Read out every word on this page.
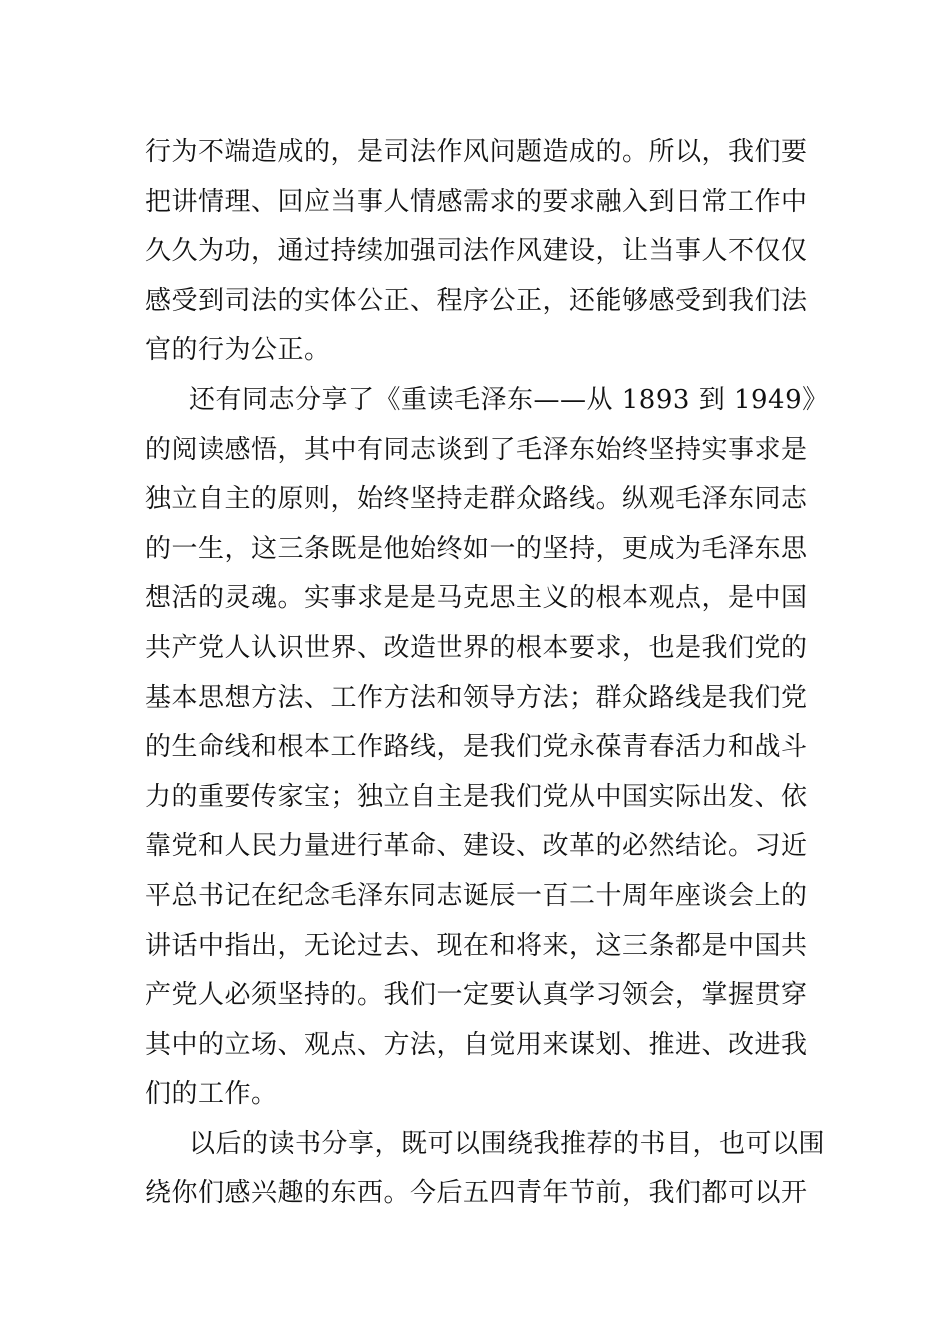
行为不端造成的，是司法作风问题造成的。所以，我们要
把讲情理、回应当事人情感需求的要求融入到日常工作中
久久为功，通过持续加强司法作风建设，让当事人不仅仅
感受到司法的实体公正、程序公正，还能够感受到我们法
官的行为公正。
还有同志分享了《重读毛泽东——从 1893 到 1949》
的阅读感悟，其中有同志谈到了毛泽东始终坚持实事求是
独立自主的原则，始终坚持走群众路线。纵观毛泽东同志
的一生，这三条既是他始终如一的坚持，更成为毛泽东思
想活的灵魂。实事求是是马克思主义的根本观点，是中国
共产党人认识世界、改造世界的根本要求，也是我们党的
基本思想方法、工作方法和领导方法；群众路线是我们党
的生命线和根本工作路线，是我们党永葆青春活力和战斗
力的重要传家宝；独立自主是我们党从中国实际出发、依
靠党和人民力量进行革命、建设、改革的必然结论。习近
平总书记在纪念毛泽东同志诞辰一百二十周年座谈会上的
讲话中指出，无论过去、现在和将来，这三条都是中国共
产党人必须坚持的。我们一定要认真学习领会，掌握贯穿
其中的立场、观点、方法，自觉用来谋划、推进、改进我
们的工作。
以后的读书分享，既可以围绕我推荐的书目，也可以围
绕你们感兴趣的东西。今后五四青年节前，我们都可以开
